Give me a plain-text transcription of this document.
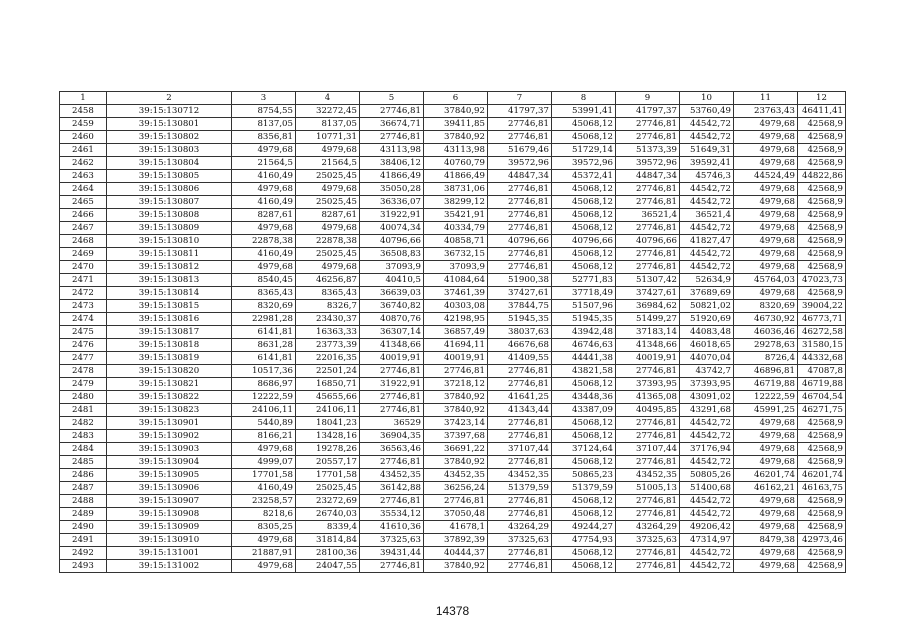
1	2	3	4	5	6	7	8	9	10	11	12
2458	39:15:130712	8754,55	32272,45	27746,81	37840,92	41797,37	53991,41	41797,37	53760,49	23763,43	46411,41
2459	39:15:130801	8137,05	8137,05	36674,71	39411,85	27746,81	45068,12	27746,81	44542,72	4979,68	42568,9
2460	39:15:130802	8356,81	10771,31	27746,81	37840,92	27746,81	45068,12	27746,81	44542,72	4979,68	42568,9
2461	39:15:130803	4979,68	4979,68	43113,98	43113,98	51679,46	51729,14	51373,39	51649,31	4979,68	42568,9
2462	39:15:130804	21564,5	21564,5	38406,12	40760,79	39572,96	39572,96	39572,96	39592,41	4979,68	42568,9
2463	39:15:130805	4160,49	25025,45	41866,49	41866,49	44847,34	45372,41	44847,34	45746,3	44524,49	44822,86
2464	39:15:130806	4979,68	4979,68	35050,28	38731,06	27746,81	45068,12	27746,81	44542,72	4979,68	42568,9
2465	39:15:130807	4160,49	25025,45	36336,07	38299,12	27746,81	45068,12	27746,81	44542,72	4979,68	42568,9
2466	39:15:130808	8287,61	8287,61	31922,91	35421,91	27746,81	45068,12	36521,4	36521,4	4979,68	42568,9
2467	39:15:130809	4979,68	4979,68	40074,34	40334,79	27746,81	45068,12	27746,81	44542,72	4979,68	42568,9
2468	39:15:130810	22878,38	22878,38	40796,66	40858,71	40796,66	40796,66	40796,66	41827,47	4979,68	42568,9
2469	39:15:130811	4160,49	25025,45	36508,83	36732,15	27746,81	45068,12	27746,81	44542,72	4979,68	42568,9
2470	39:15:130812	4979,68	4979,68	37093,9	37093,9	27746,81	45068,12	27746,81	44542,72	4979,68	42568,9
2471	39:15:130813	8540,45	46256,87	40410,5	41084,64	51900,38	52771,83	51307,42	52634,9	45764,03	47023,73
2472	39:15:130814	8365,43	8365,43	36639,03	37461,39	37427,61	37718,49	37427,61	37689,69	4979,68	42568,9
2473	39:15:130815	8320,69	8326,7	36740,82	40303,08	37844,75	51507,96	36984,62	50821,02	8320,69	39004,22
2474	39:15:130816	22981,28	23430,37	40870,76	42198,95	51945,35	51945,35	51499,27	51920,69	46730,92	46773,71
2475	39:15:130817	6141,81	16363,33	36307,14	36857,49	38037,63	43942,48	37183,14	44083,48	46036,46	46272,58
2476	39:15:130818	8631,28	23773,39	41348,66	41694,11	46676,68	46746,63	41348,66	46018,65	29278,63	31580,15
2477	39:15:130819	6141,81	22016,35	40019,91	40019,91	41409,55	44441,38	40019,91	44070,04	8726,4	44332,68
2478	39:15:130820	10517,36	22501,24	27746,81	27746,81	27746,81	43821,58	27746,81	43742,7	46896,81	47087,8
2479	39:15:130821	8686,97	16850,71	31922,91	37218,12	27746,81	45068,12	37393,95	37393,95	46719,88	46719,88
2480	39:15:130822	12222,59	45655,66	27746,81	37840,92	41641,25	43448,36	41365,08	43091,02	12222,59	46704,54
2481	39:15:130823	24106,11	24106,11	27746,81	37840,92	41343,44	43387,09	40495,85	43291,68	45991,25	46271,75
2482	39:15:130901	5440,89	18041,23	36529	37423,14	27746,81	45068,12	27746,81	44542,72	4979,68	42568,9
2483	39:15:130902	8166,21	13428,16	36904,35	37397,68	27746,81	45068,12	27746,81	44542,72	4979,68	42568,9
2484	39:15:130903	4979,68	19278,26	36563,46	36691,22	37107,44	37124,64	37107,44	37176,94	4979,68	42568,9
2485	39:15:130904	4999,07	20557,17	27746,81	37840,92	27746,81	45068,12	27746,81	44542,72	4979,68	42568,9
2486	39:15:130905	17701,58	17701,58	43452,35	43452,35	43452,35	50865,23	43452,35	50805,26	46201,74	46201,74
2487	39:15:130906	4160,49	25025,45	36142,88	36256,24	51379,59	51379,59	51005,13	51400,68	46162,21	46163,75
2488	39:15:130907	23258,57	23272,69	27746,81	27746,81	27746,81	45068,12	27746,81	44542,72	4979,68	42568,9
2489	39:15:130908	8218,6	26740,03	35534,12	37050,48	27746,81	45068,12	27746,81	44542,72	4979,68	42568,9
2490	39:15:130909	8305,25	8339,4	41610,36	41678,1	43264,29	49244,27	43264,29	49206,42	4979,68	42568,9
2491	39:15:130910	4979,68	31814,84	37325,63	37892,39	37325,63	47754,93	37325,63	47314,97	8479,38	42973,46
2492	39:15:131001	21887,91	28100,36	39431,44	40444,37	27746,81	45068,12	27746,81	44542,72	4979,68	42568,9
2493	39:15:131002	4979,68	24047,55	27746,81	37840,92	27746,81	45068,12	27746,81	44542,72	4979,68	42568,9
14378
